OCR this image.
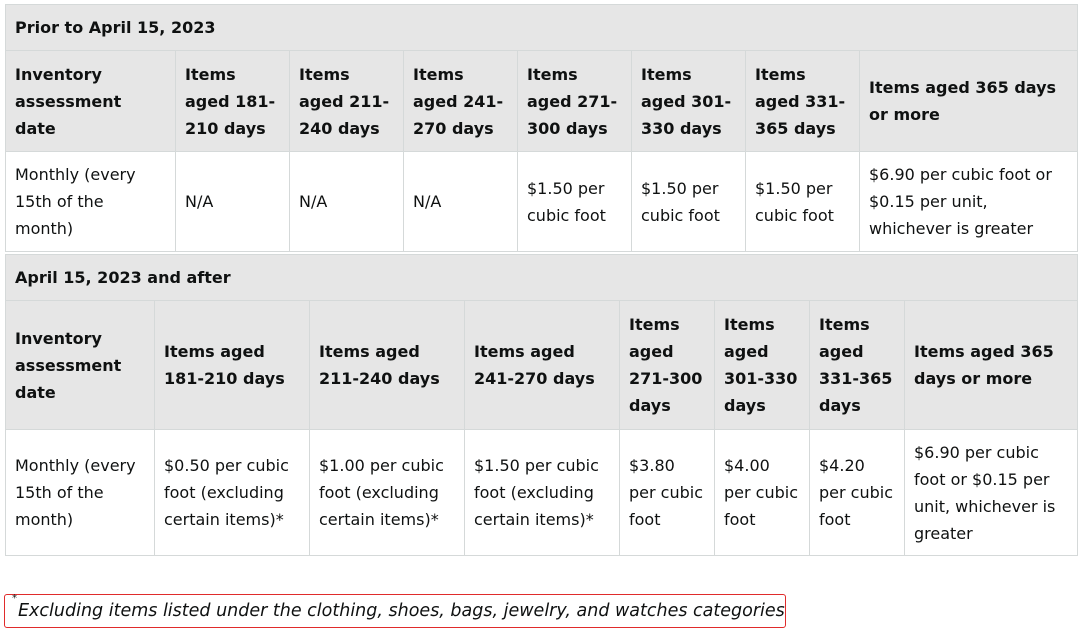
Prior to April 15, 2023							
Inventory assessment date	Items aged 181-210 days	Items aged 211-240 days	Items aged 241-270 days	Items aged 271-300 days	Items aged 301-330 days	Items aged 331-365 days	Items aged 365 days or more
Monthly (every 15th of the month)	N/A	N/A	N/A	$1.50 per cubic foot	$1.50 per cubic foot	$1.50 per cubic foot	$6.90 per cubic foot or $0.15 per unit, whichever is greater
April 15, 2023 and after							
Inventory assessment date	Items aged 181-210 days	Items aged 211-240 days	Items aged 241-270 days	Items aged 271-300 days	Items aged 301-330 days	Items aged 331-365 days	Items aged 365 days or more
Monthly (every 15th of the month)	$0.50 per cubic foot (excluding certain items)*	$1.00 per cubic foot (excluding certain items)*	$1.50 per cubic foot (excluding certain items)*	$3.80 per cubic foot	$4.00 per cubic foot	$4.20 per cubic foot	$6.90 per cubic foot or $0.15 per unit, whichever is greater
*Excluding items listed under the clothing, shoes, bags, jewelry, and watches categories
